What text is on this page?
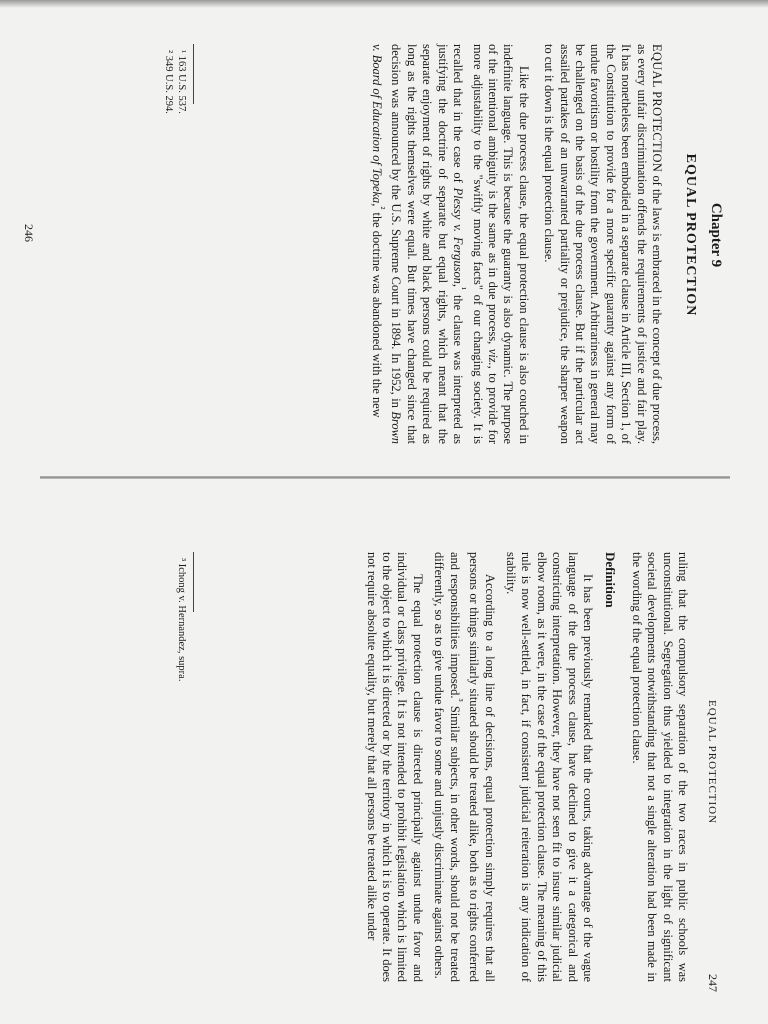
Chapter 9
EQUAL PROTECTION

EQUAL PROTECTION of the laws is embraced in the concept of due process, as every unfair discrimination offends the requirements of justice and fair play. It has nonetheless been embodied in a separate clause in Article III, Section 1, of the Constitution to provide for a more specific guaranty against any form of undue favoritism or hostility from the government. Arbitrariness in general may be challenged on the basis of the due process clause. But if the particular act assailed partakes of an unwarranted partiality or prejudice, the sharper weapon to cut it down is the equal protection clause.

Like the due process clause, the equal protection clause is also couched in indefinite language. This is because the guaranty is also dynamic. The purpose of the intentional ambiguity is the same as in due process, viz., to provide for more adjustability to the "swiftly moving facts" of our changing society. It is recalled that in the case of Plessy v. Ferguson,$^{^1}$ the clause was interpreted as justifying the doctrine of separate but equal rights, which meant that the separate enjoyment of rights by white and black persons could be required as long as the rights themselves were equal. But times have changed since that decision was announced by the U.S. Supreme Court in 1894. In 1952, in Brown v. Board of Education of Topeka,$^{^2}$ the doctrine was abandoned with the new

¹ 163 U.S. 537.
² 349 U.S. 294.
246
EQUAL PROTECTION
247

ruling that the compulsory separation of the two races in public schools was unconstitutional. Segregation thus yielded to integration in the light of significant societal developments notwithstanding that not a single alteration had been made in the wording of the equal protection clause.

Definition

It has been previously remarked that the courts, taking advantage of the vague language of the due process clause, have declined to give it a categorical and constricting interpretation. However, they have not seen fit to insure similar judicial elbow room, as it were, in the case of the equal protection clause. The meaning of this rule is now well-settled, in fact, if consistent judicial reiteration is any indication of stability.

According to a long line of decisions, equal protection simply requires that all persons or things similarly situated should be treated alike, both as to rights conferred and responsibilities imposed.$^{^3}$ Similar subjects, in other words, should not be treated differently, so as to give undue favor to some and unjustly discriminate against others.

The equal protection clause is directed principally against undue favor and individual or class privilege. It is not intended to prohibit legislation which is limited to the object to which it is directed or by the territory in which it is to operate. It does not require absolute equality, but merely that all persons be treated alike under

³ Ichong v. Hernandez, supra.
